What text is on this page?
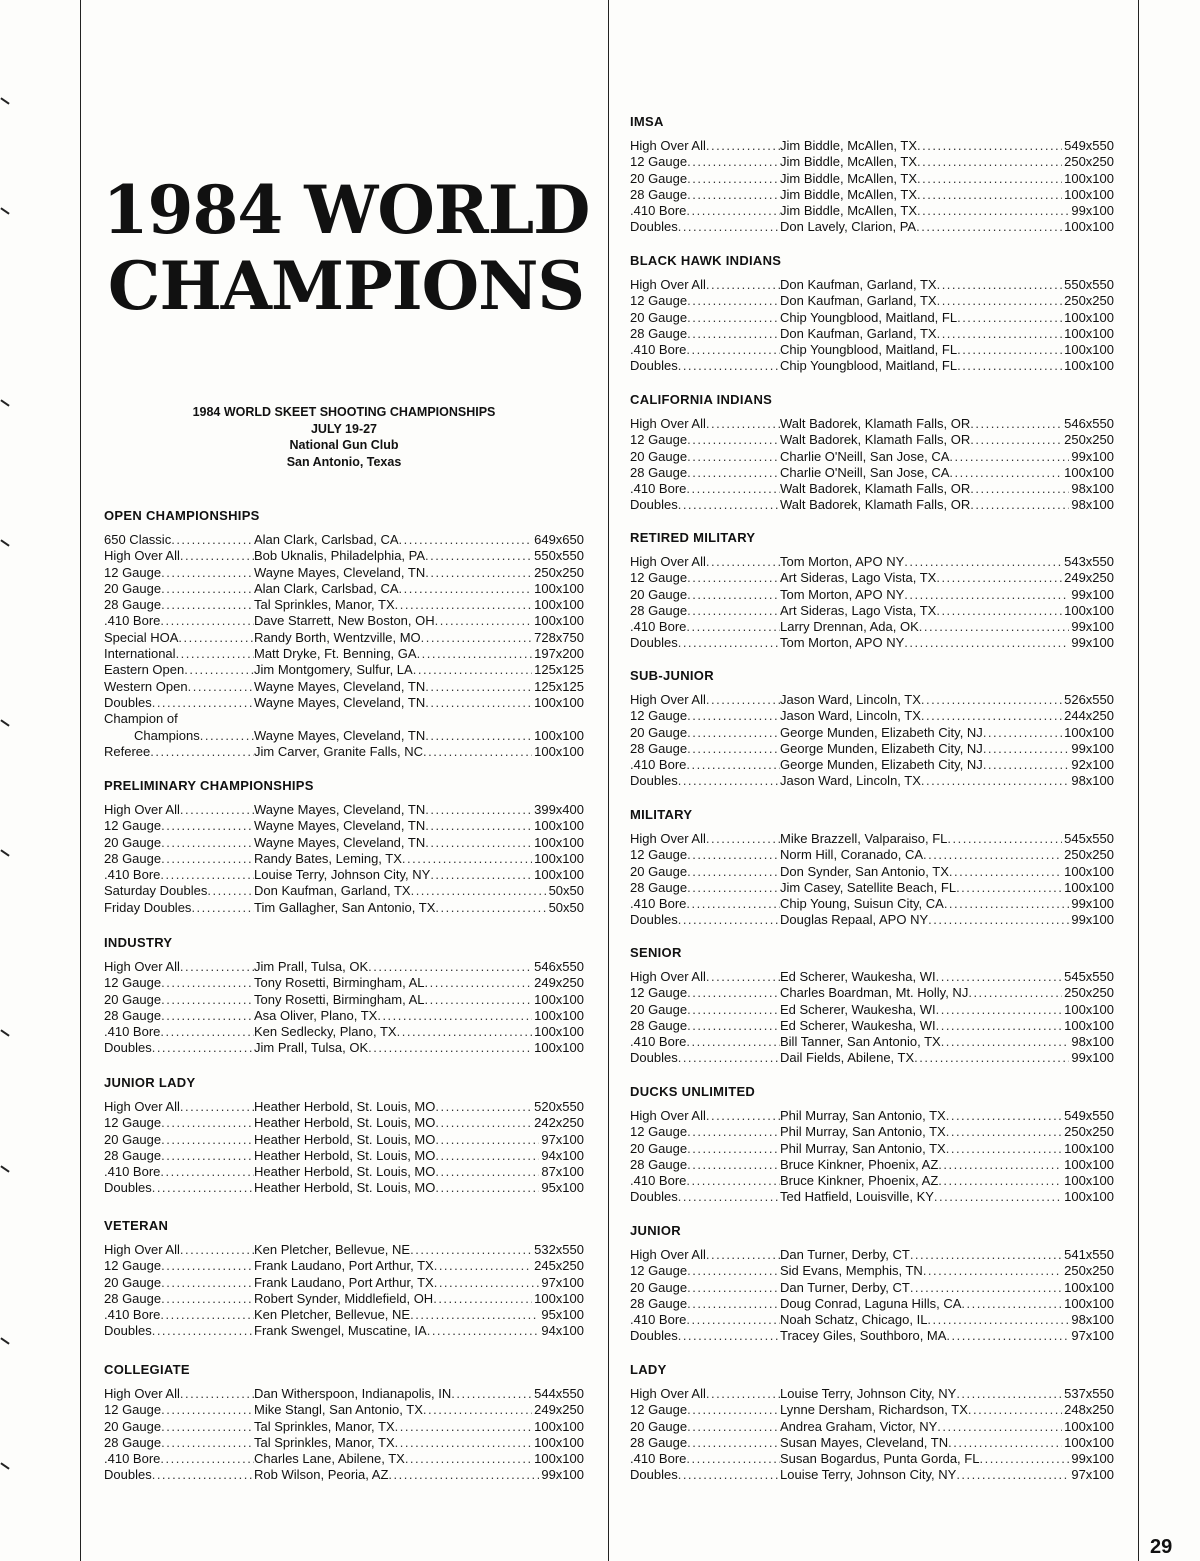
1984 WORLD
CHAMPIONS
1984 WORLD SKEET SHOOTING CHAMPIONSHIPS
JULY 19-27
National Gun Club
San Antonio, Texas
OPEN CHAMPIONSHIPS
650 Classic .....	Alan Clark, Carlsbad, CA .....	649x650
High Over All .....	Bob Uknalis, Philadelphia, PA .....	550x550
12 Gauge .....	Wayne Mayes, Cleveland, TN .....	250x250
20 Gauge .....	Alan Clark, Carlsbad, CA .....	100x100
28 Gauge .....	Tal Sprinkles, Manor, TX .....	100x100
.410 Bore .....	Dave Starrett, New Boston, OH .....	100x100
Special HOA .....	Randy Borth, Wentzville, MO .....	728x750
International .....	Matt Dryke, Ft. Benning, GA .....	197x200
Eastern Open .....	Jim Montgomery, Sulfur, LA .....	125x125
Western Open .....	Wayne Mayes, Cleveland, TN .....	125x125
Doubles .....	Wayne Mayes, Cleveland, TN .....	100x100
Champion of
Champions .....	Wayne Mayes, Cleveland, TN .....	100x100
Referee .....	Jim Carver, Granite Falls, NC .....	100x100
PRELIMINARY CHAMPIONSHIPS
High Over All .....	Wayne Mayes, Cleveland, TN .....	399x400
12 Gauge .....	Wayne Mayes, Cleveland, TN .....	100x100
20 Gauge .....	Wayne Mayes, Cleveland, TN .....	100x100
28 Gauge .....	Randy Bates, Leming, TX .....	100x100
.410 Bore .....	Louise Terry, Johnson City, NY .....	100x100
Saturday Doubles .....	Don Kaufman, Garland, TX .....	50x50
Friday Doubles .....	Tim Gallagher, San Antonio, TX .....	50x50
INDUSTRY
High Over All .....	Jim Prall, Tulsa, OK .....	546x550
12 Gauge .....	Tony Rosetti, Birmingham, AL .....	249x250
20 Gauge .....	Tony Rosetti, Birmingham, AL .....	100x100
28 Gauge .....	Asa Oliver, Plano, TX .....	100x100
.410 Bore .....	Ken Sedlecky, Plano, TX .....	100x100
Doubles .....	Jim Prall, Tulsa, OK .....	100x100
JUNIOR LADY
High Over All .....	Heather Herbold, St. Louis, MO .....	520x550
12 Gauge .....	Heather Herbold, St. Louis, MO .....	242x250
20 Gauge .....	Heather Herbold, St. Louis, MO .....	97x100
28 Gauge .....	Heather Herbold, St. Louis, MO .....	94x100
.410 Bore .....	Heather Herbold, St. Louis, MO .....	87x100
Doubles .....	Heather Herbold, St. Louis, MO .....	95x100
VETERAN
High Over All .....	Ken Pletcher, Bellevue, NE .....	532x550
12 Gauge .....	Frank Laudano, Port Arthur, TX .....	245x250
20 Gauge .....	Frank Laudano, Port Arthur, TX .....	97x100
28 Gauge .....	Robert Synder, Middlefield, OH .....	100x100
.410 Bore .....	Ken Pletcher, Bellevue, NE .....	95x100
Doubles .....	Frank Swengel, Muscatine, IA .....	94x100
COLLEGIATE
High Over All .....	Dan Witherspoon, Indianapolis, IN .....	544x550
12 Gauge .....	Mike Stangl, San Antonio, TX .....	249x250
20 Gauge .....	Tal Sprinkles, Manor, TX .....	100x100
28 Gauge .....	Tal Sprinkles, Manor, TX .....	100x100
.410 Bore .....	Charles Lane, Abilene, TX .....	100x100
Doubles .....	Rob Wilson, Peoria, AZ .....	99x100
IMSA
High Over All .....	Jim Biddle, McAllen, TX .....	549x550
12 Gauge .....	Jim Biddle, McAllen, TX .....	250x250
20 Gauge .....	Jim Biddle, McAllen, TX .....	100x100
28 Gauge .....	Jim Biddle, McAllen, TX .....	100x100
.410 Bore .....	Jim Biddle, McAllen, TX .....	99x100
Doubles .....	Don Lavely, Clarion, PA .....	100x100
BLACK HAWK INDIANS
High Over All .....	Don Kaufman, Garland, TX .....	550x550
12 Gauge .....	Don Kaufman, Garland, TX .....	250x250
20 Gauge .....	Chip Youngblood, Maitland, FL .....	100x100
28 Gauge .....	Don Kaufman, Garland, TX .....	100x100
.410 Bore .....	Chip Youngblood, Maitland, FL .....	100x100
Doubles .....	Chip Youngblood, Maitland, FL .....	100x100
CALIFORNIA INDIANS
High Over All .....	Walt Badorek, Klamath Falls, OR .....	546x550
12 Gauge .....	Walt Badorek, Klamath Falls, OR .....	250x250
20 Gauge .....	Charlie O'Neill, San Jose, CA .....	99x100
28 Gauge .....	Charlie O'Neill, San Jose, CA .....	100x100
.410 Bore .....	Walt Badorek, Klamath Falls, OR .....	98x100
Doubles .....	Walt Badorek, Klamath Falls, OR .....	98x100
RETIRED MILITARY
High Over All .....	Tom Morton, APO NY .....	543x550
12 Gauge .....	Art Sideras, Lago Vista, TX .....	249x250
20 Gauge .....	Tom Morton, APO NY .....	99x100
28 Gauge .....	Art Sideras, Lago Vista, TX .....	100x100
.410 Bore .....	Larry Drennan, Ada, OK .....	99x100
Doubles .....	Tom Morton, APO NY .....	99x100
SUB-JUNIOR
High Over All .....	Jason Ward, Lincoln, TX .....	526x550
12 Gauge .....	Jason Ward, Lincoln, TX .....	244x250
20 Gauge .....	George Munden, Elizabeth City, NJ .....	100x100
28 Gauge .....	George Munden, Elizabeth City, NJ .....	99x100
.410 Bore .....	George Munden, Elizabeth City, NJ .....	92x100
Doubles .....	Jason Ward, Lincoln, TX .....	98x100
MILITARY
High Over All .....	Mike Brazzell, Valparaiso, FL .....	545x550
12 Gauge .....	Norm Hill, Coranado, CA .....	250x250
20 Gauge .....	Don Synder, San Antonio, TX .....	100x100
28 Gauge .....	Jim Casey, Satellite Beach, FL .....	100x100
.410 Bore .....	Chip Young, Suisun City, CA .....	99x100
Doubles .....	Douglas Repaal, APO NY .....	99x100
SENIOR
High Over All .....	Ed Scherer, Waukesha, WI .....	545x550
12 Gauge .....	Charles Boardman, Mt. Holly, NJ .....	250x250
20 Gauge .....	Ed Scherer, Waukesha, WI .....	100x100
28 Gauge .....	Ed Scherer, Waukesha, WI .....	100x100
.410 Bore .....	Bill Tanner, San Antonio, TX .....	98x100
Doubles .....	Dail Fields, Abilene, TX .....	99x100
DUCKS UNLIMITED
High Over All .....	Phil Murray, San Antonio, TX .....	549x550
12 Gauge .....	Phil Murray, San Antonio, TX .....	250x250
20 Gauge .....	Phil Murray, San Antonio, TX .....	100x100
28 Gauge .....	Bruce Kinkner, Phoenix, AZ .....	100x100
.410 Bore .....	Bruce Kinkner, Phoenix, AZ .....	100x100
Doubles .....	Ted Hatfield, Louisville, KY .....	100x100
JUNIOR
High Over All .....	Dan Turner, Derby, CT .....	541x550
12 Gauge .....	Sid Evans, Memphis, TN .....	250x250
20 Gauge .....	Dan Turner, Derby, CT .....	100x100
28 Gauge .....	Doug Conrad, Laguna Hills, CA .....	100x100
.410 Bore .....	Noah Schatz, Chicago, IL .....	98x100
Doubles .....	Tracey Giles, Southboro, MA .....	97x100
LADY
High Over All .....	Louise Terry, Johnson City, NY .....	537x550
12 Gauge .....	Lynne Dersham, Richardson, TX .....	248x250
20 Gauge .....	Andrea Graham, Victor, NY .....	100x100
28 Gauge .....	Susan Mayes, Cleveland, TN .....	100x100
.410 Bore .....	Susan Bogardus, Punta Gorda, FL .....	99x100
Doubles .....	Louise Terry, Johnson City, NY .....	97x100
29
